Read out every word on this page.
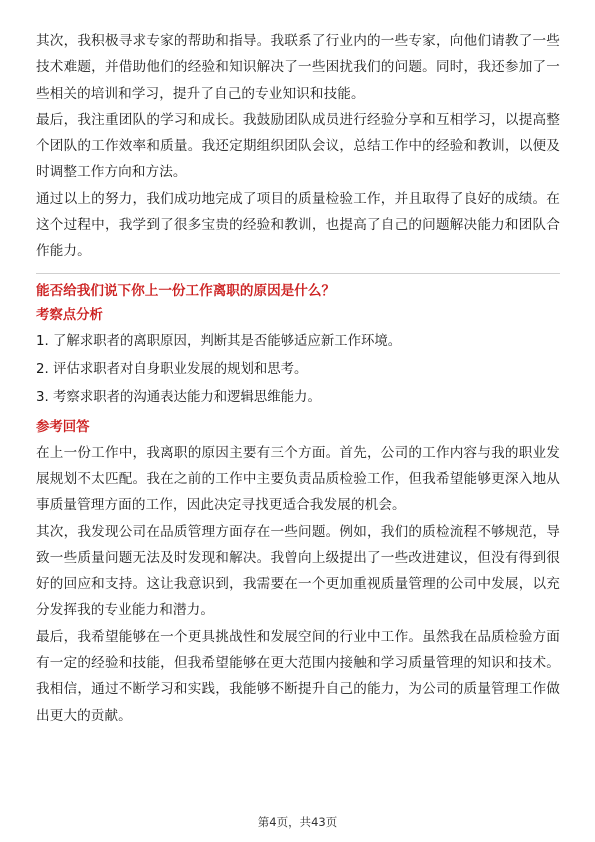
其次，我积极寻求专家的帮助和指导。我联系了行业内的一些专家，向他们请教了一些技术难题，并借助他们的经验和知识解决了一些困扰我们的问题。同时，我还参加了一些相关的培训和学习，提升了自己的专业知识和技能。

最后，我注重团队的学习和成长。我鼓励团队成员进行经验分享和互相学习，以提高整个团队的工作效率和质量。我还定期组织团队会议，总结工作中的经验和教训，以便及时调整工作方向和方法。

通过以上的努力，我们成功地完成了项目的质量检验工作，并且取得了良好的成绩。在这个过程中，我学到了很多宝贵的经验和教训，也提高了自己的问题解决能力和团队合作能力。

能否给我们说下你上一份工作离职的原因是什么？

考察点分析

1. 了解求职者的离职原因，判断其是否能够适应新工作环境。

2. 评估求职者对自身职业发展的规划和思考。

3. 考察求职者的沟通表达能力和逻辑思维能力。

参考回答

在上一份工作中，我离职的原因主要有三个方面。首先，公司的工作内容与我的职业发展规划不太匹配。我在之前的工作中主要负责品质检验工作，但我希望能够更深入地从事质量管理方面的工作，因此决定寻找更适合我发展的机会。

其次，我发现公司在品质管理方面存在一些问题。例如，我们的质检流程不够规范，导致一些质量问题无法及时发现和解决。我曾向上级提出了一些改进建议，但没有得到很好的回应和支持。这让我意识到，我需要在一个更加重视质量管理的公司中发展，以充分发挥我的专业能力和潜力。

最后，我希望能够在一个更具挑战性和发展空间的行业中工作。虽然我在品质检验方面有一定的经验和技能，但我希望能够在更大范围内接触和学习质量管理的知识和技术。我相信，通过不断学习和实践，我能够不断提升自己的能力，为公司的质量管理工作做出更大的贡献。

第4页，共43页
